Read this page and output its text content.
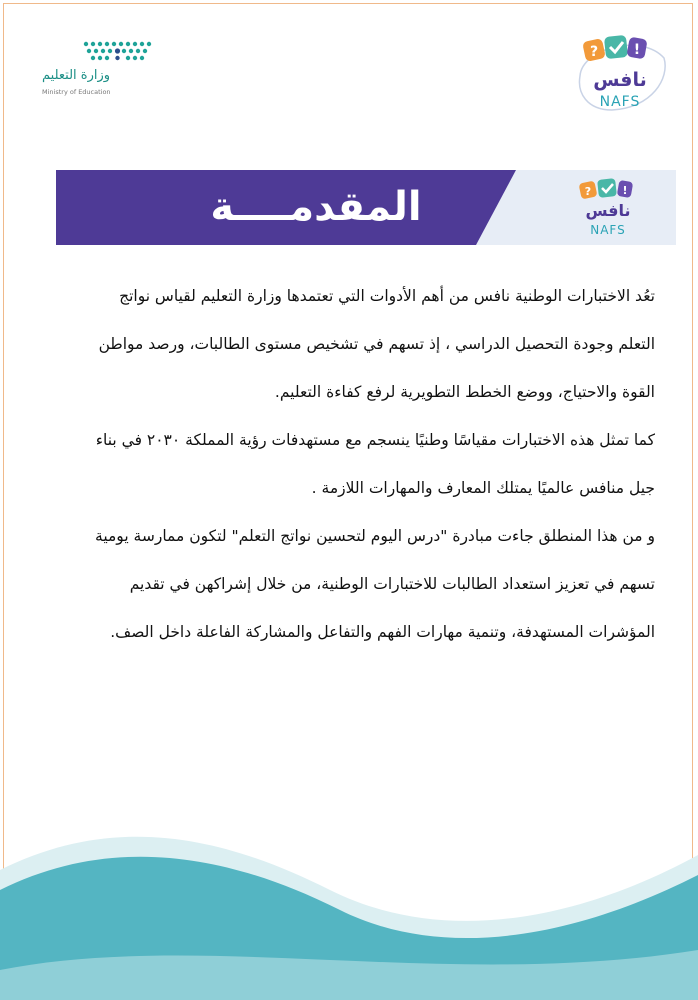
وزارة التعليم
Ministry of Education
?	!
نافس
NAFS
المقدمــــة	?	!
نافس
NAFS
تعُد الاختبارات الوطنية نافس من أهم الأدوات التي تعتمدها وزارة التعليم لقياس نواتج
التعلم وجودة التحصيل الدراسي ، إذ تسهم في تشخيص مستوى الطالبات، ورصد مواطن
القوة والاحتياج، ووضع الخطط التطويرية لرفع كفاءة التعليم.
كما تمثل هذه الاختبارات مقياسًا وطنيًا ينسجم مع مستهدفات رؤية المملكة ٢٠٣٠ في بناء
جيل منافس عالميًا يمتلك المعارف والمهارات اللازمة .
و من هذا المنطلق جاءت مبادرة "درس اليوم لتحسين نواتج التعلم" لتكون ممارسة يومية
تسهم في تعزيز استعداد الطالبات للاختبارات الوطنية، من خلال إشراكهن في تقديم
المؤشرات المستهدفة، وتنمية مهارات الفهم والتفاعل والمشاركة الفاعلة داخل الصف.
